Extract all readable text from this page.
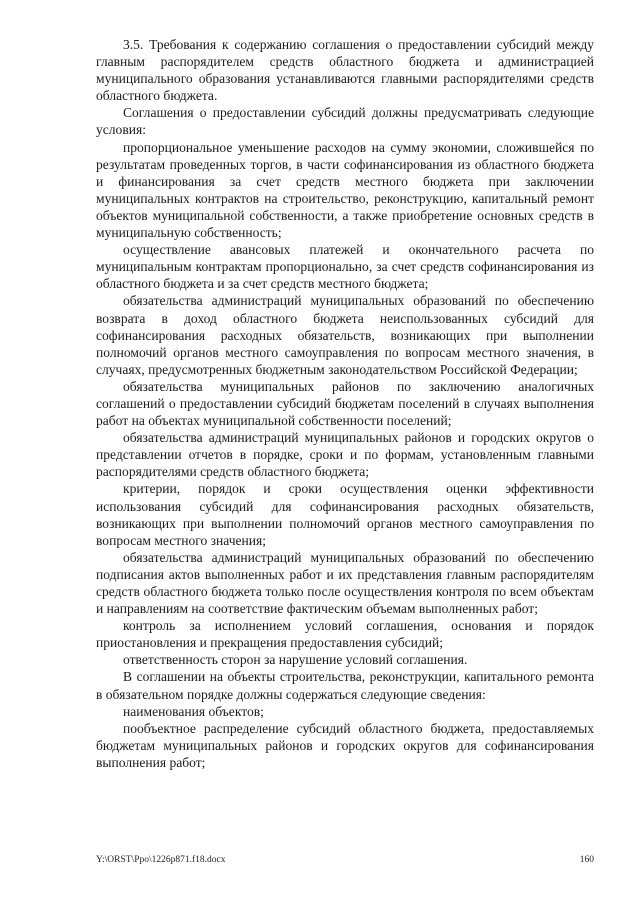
3.5. Требования к содержанию соглашения о предоставлении субсидий между главным распорядителем средств областного бюджета и администрацией муниципального образования устанавливаются главными распорядителями средств областного бюджета.

Соглашения о предоставлении субсидий должны предусматривать следующие условия:

пропорциональное уменьшение расходов на сумму экономии, сложившейся по результатам проведенных торгов, в части софинансирования из областного бюджета и финансирования за счет средств местного бюджета при заключении муниципальных контрактов на строительство, реконструкцию, капитальный ремонт объектов муниципальной собственности, а также приобретение основных средств в муниципальную собственность;

осуществление авансовых платежей и окончательного расчета по муниципальным контрактам пропорционально, за счет средств софинансирования из областного бюджета и за счет средств местного бюджета;

обязательства администраций муниципальных образований по обеспечению возврата в доход областного бюджета неиспользованных субсидий для софинансирования расходных обязательств, возникающих при выполнении полномочий органов местного самоуправления по вопросам местного значения, в случаях, предусмотренных бюджетным законодательством Российской Федерации;

обязательства муниципальных районов по заключению аналогичных соглашений о предоставлении субсидий бюджетам поселений в случаях выполнения работ на объектах муниципальной собственности поселений;

обязательства администраций муниципальных районов и городских округов о представлении отчетов в порядке, сроки и по формам, установленным главными распорядителями средств областного бюджета;

критерии, порядок и сроки осуществления оценки эффективности использования субсидий для софинансирования расходных обязательств, возникающих при выполнении полномочий органов местного самоуправления по вопросам местного значения;

обязательства администраций муниципальных образований по обеспечению подписания актов выполненных работ и их представления главным распорядителям средств областного бюджета только после осуществления контроля по всем объектам и направлениям на соответствие фактическим объемам выполненных работ;

контроль за исполнением условий соглашения, основания и порядок приостановления и прекращения предоставления субсидий;

ответственность сторон за нарушение условий соглашения.

В соглашении на объекты строительства, реконструкции, капитального ремонта в обязательном порядке должны содержаться следующие сведения:

наименования объектов;

пообъектное распределение субсидий областного бюджета, предоставляемых бюджетам муниципальных районов и городских округов для софинансирования выполнения работ;

Y:\ORST\Ppo\1226p871.f18.docx	160
